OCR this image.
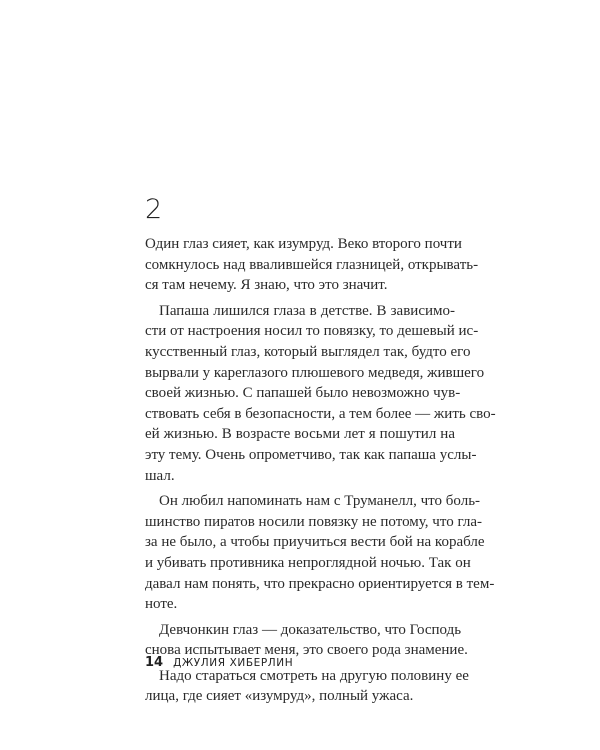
2
Один глаз сияет, как изумруд. Веко второго почти
сомкнулось над ввалившейся глазницей, открывать-
ся там нечему. Я знаю, что это значит.
Папаша лишился глаза в детстве. В зависимо-
сти от настроения носил то повязку, то дешевый ис-
кусственный глаз, который выглядел так, будто его
вырвали у кареглазого плюшевого медведя, жившего
своей жизнью. С папашей было невозможно чув-
ствовать себя в безопасности, а тем более — жить сво-
ей жизнью. В возрасте восьми лет я пошутил на
эту тему. Очень опрометчиво, так как папаша услы-
шал.
Он любил напоминать нам с Труманелл, что боль-
шинство пиратов носили повязку не потому, что гла-
за не было, а чтобы приучиться вести бой на корабле
и убивать противника непроглядной ночью. Так он
давал нам понять, что прекрасно ориентируется в тем-
ноте.
Девчонкин глаз — доказательство, что Господь
снова испытывает меня, это своего рода знамение.
Надо стараться смотреть на другую половину ее
лица, где сияет «изумруд», полный ужаса.
14 ДЖУЛИЯ ХИБЕРЛИН
